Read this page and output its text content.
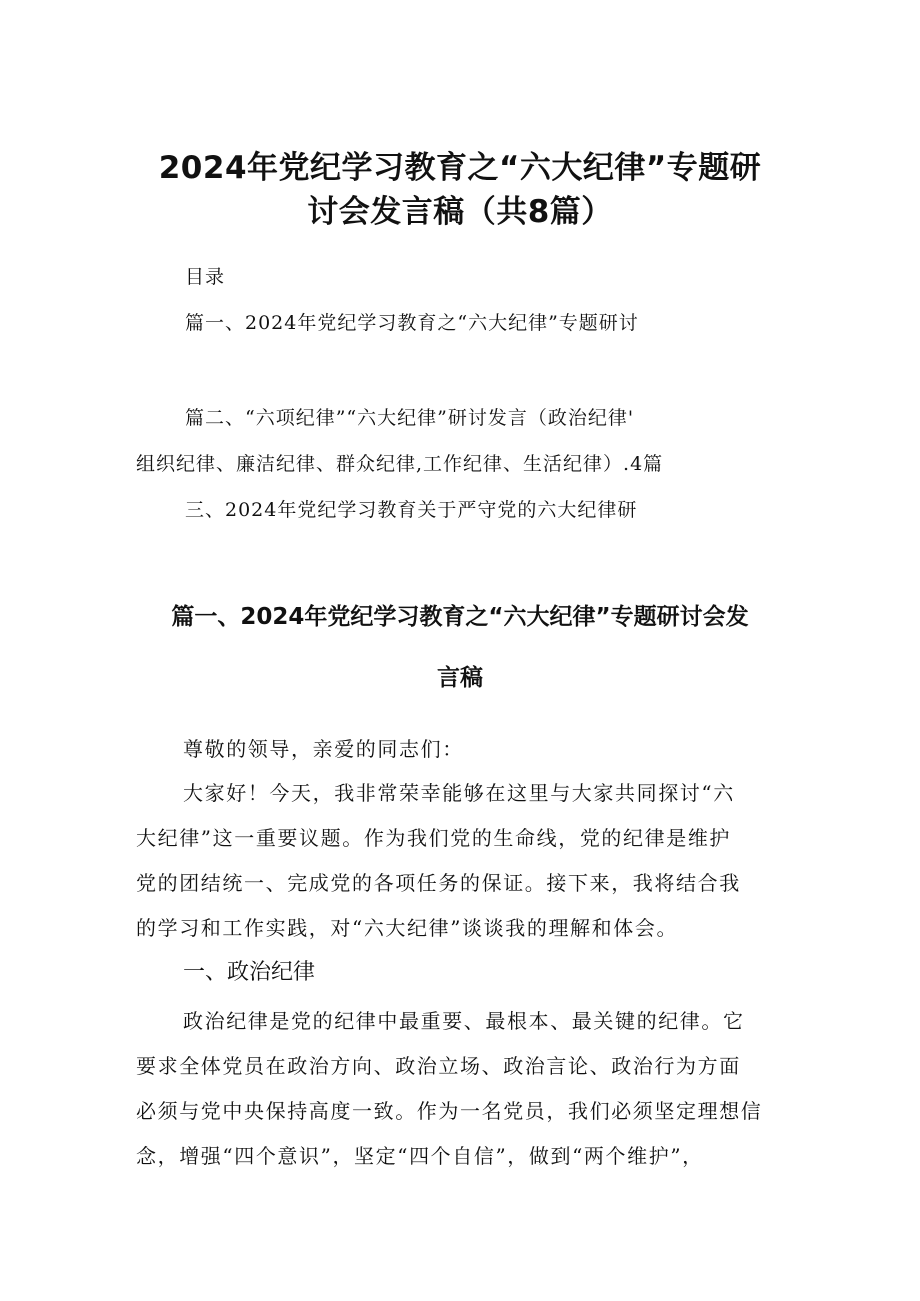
2024年党纪学习教育之“六大纪律”专题研
讨会发言稿（共8篇）
目录
篇一、2024年党纪学习教育之“六大纪律”专题研讨
篇二、“六项纪律”“六大纪律”研讨发言（政治纪律'
组织纪律、廉洁纪律、群众纪律,工作纪律、生活纪律）.4篇
三、2024年党纪学习教育关于严守党的六大纪律研
篇一、2024年党纪学习教育之“六大纪律”专题研讨会发
言稿
尊敬的领导，亲爱的同志们：
大家好！今天，我非常荣幸能够在这里与大家共同探讨“六
大纪律”这一重要议题。作为我们党的生命线，党的纪律是维护
党的团结统一、完成党的各项任务的保证。接下来，我将结合我
的学习和工作实践，对“六大纪律”谈谈我的理解和体会。
一、政治纪律
政治纪律是党的纪律中最重要、最根本、最关键的纪律。它
要求全体党员在政治方向、政治立场、政治言论、政治行为方面
必须与党中央保持高度一致。作为一名党员，我们必须坚定理想信
念，增强“四个意识”，坚定“四个自信”，做到“两个维护”，
